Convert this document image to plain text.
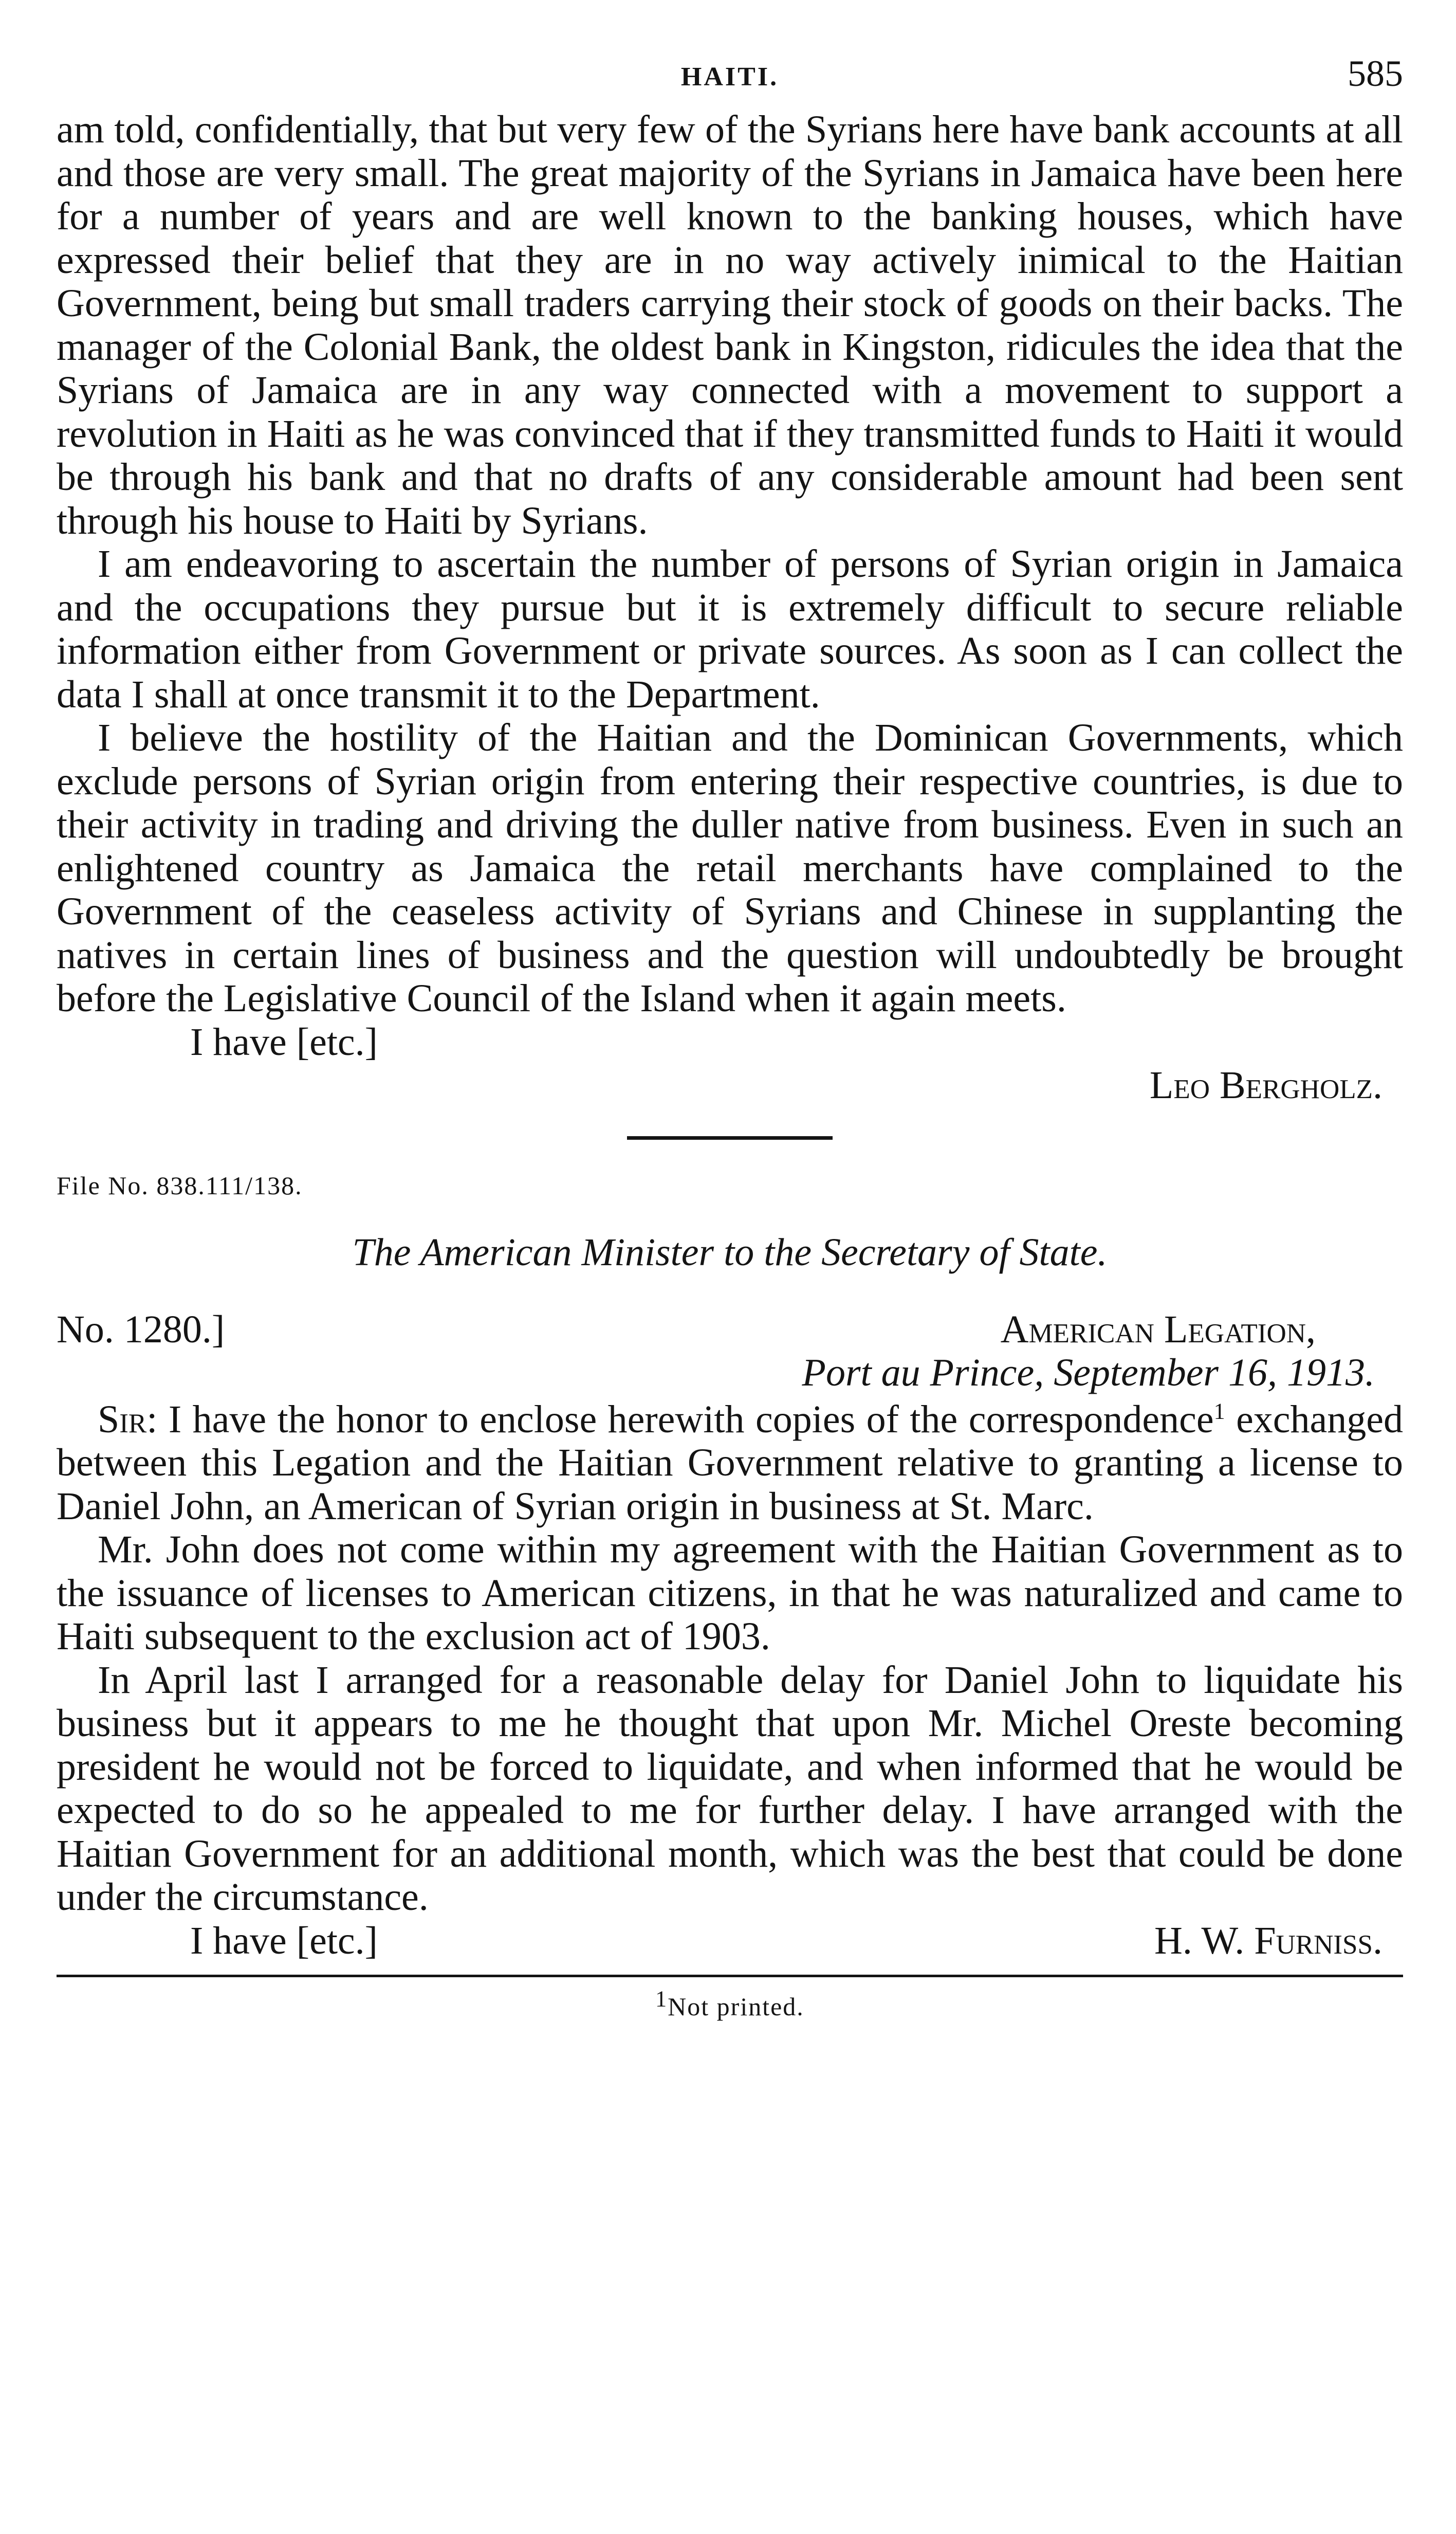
HAITI.	585

am told, confidentially, that but very few of the Syrians here have bank accounts at all and those are very small. The great majority of the Syrians in Jamaica have been here for a number of years and are well known to the banking houses, which have expressed their belief that they are in no way actively inimical to the Haitian Government, being but small traders carrying their stock of goods on their backs. The manager of the Colonial Bank, the oldest bank in Kingston, ridicules the idea that the Syrians of Jamaica are in any way connected with a movement to support a revolution in Haiti as he was convinced that if they transmitted funds to Haiti it would be through his bank and that no drafts of any considerable amount had been sent through his house to Haiti by Syrians.

I am endeavoring to ascertain the number of persons of Syrian origin in Jamaica and the occupations they pursue but it is extremely difficult to secure reliable information either from Government or private sources. As soon as I can collect the data I shall at once transmit it to the Department.

I believe the hostility of the Haitian and the Dominican Governments, which exclude persons of Syrian origin from entering their respective countries, is due to their activity in trading and driving the duller native from business. Even in such an enlightened country as Jamaica the retail merchants have complained to the Government of the ceaseless activity of Syrians and Chinese in supplanting the natives in certain lines of business and the question will undoubtedly be brought before the Legislative Council of the Island when it again meets.

I have [etc.]
Leo Bergholz.
File No. 838.111/138.
The American Minister to the Secretary of State.
No. 1280.]	American Legation,
Port au Prince, September 16, 1913.

Sir: I have the honor to enclose herewith copies of the correspondence$^1$ exchanged between this Legation and the Haitian Government relative to granting a license to Daniel John, an American of Syrian origin in business at St. Marc.

Mr. John does not come within my agreement with the Haitian Government as to the issuance of licenses to American citizens, in that he was naturalized and came to Haiti subsequent to the exclusion act of 1903.

In April last I arranged for a reasonable delay for Daniel John to liquidate his business but it appears to me he thought that upon Mr. Michel Oreste becoming president he would not be forced to liquidate, and when informed that he would be expected to do so he appealed to me for further delay. I have arranged with the Haitian Government for an additional month, which was the best that could be done under the circumstance.

I have [etc.]	H. W. Furniss.
$^1$Not printed.
